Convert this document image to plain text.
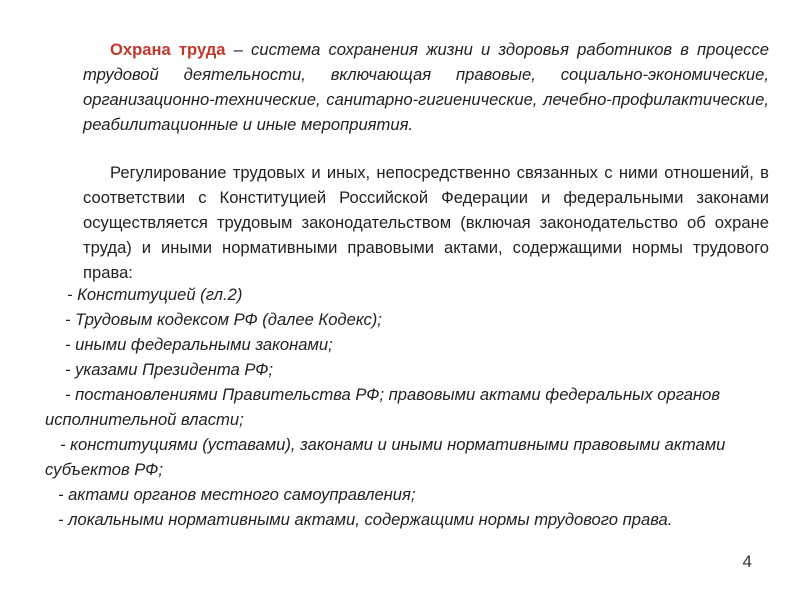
Охрана труда – система сохранения жизни и здоровья работников в процессе трудовой деятельности, включающая правовые, социально-экономические, организационно-технические, санитарно-гигиенические, лечебно-профилактические, реабилитационные и иные мероприятия.

Регулирование трудовых и иных, непосредственно связанных с ними отношений, в соответствии с Конституцией Российской Федерации и федеральными законами осуществляется трудовым законодательством (включая законодательство об охране труда) и иными нормативными правовыми актами, содержащими нормы трудового права:

- Конституцией (гл.2)
- Трудовым кодексом РФ (далее Кодекс);
- иными федеральными законами;
- указами Президента РФ;
- постановлениями Правительства РФ; правовыми актами федеральных органов исполнительной власти;
- конституциями (уставами), законами и иными нормативными правовыми актами субъектов РФ;
- актами органов местного самоуправления;
- локальными нормативными актами, содержащими нормы трудового права.
4
